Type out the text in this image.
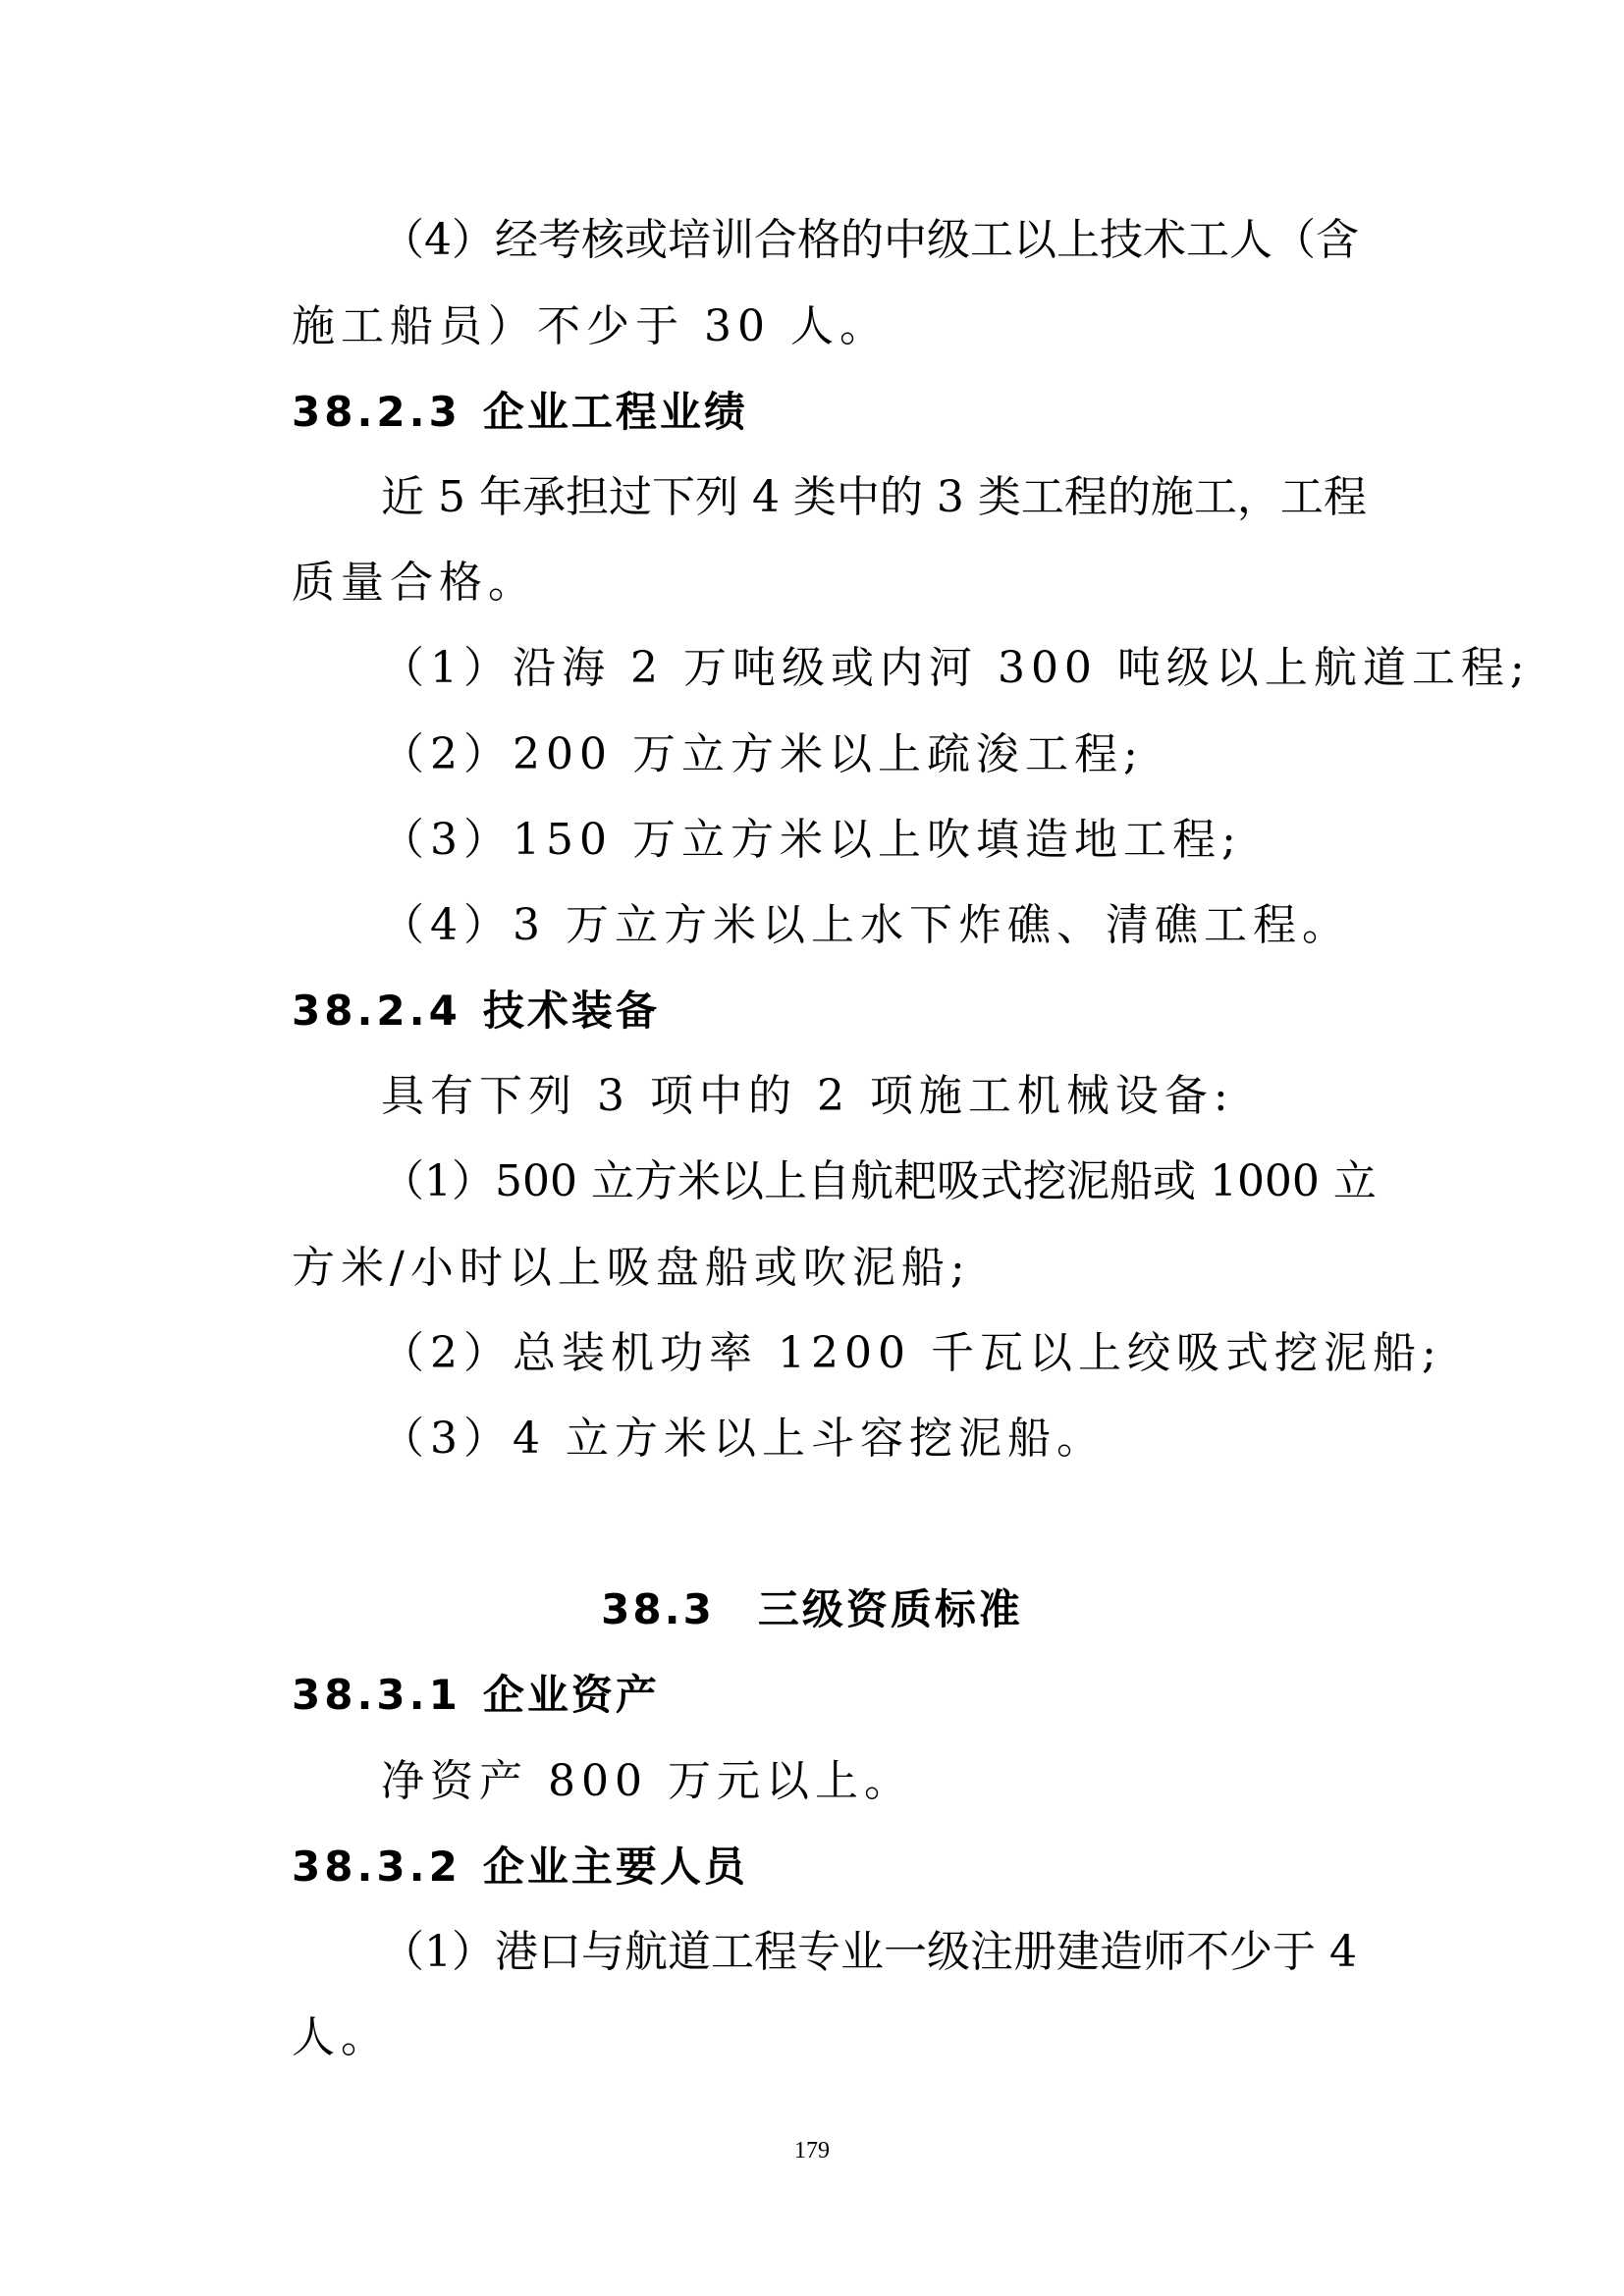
（4）经考核或培训合格的中级工以上技术工人（含
施工船员）不少于 30 人。
38.2.3 企业工程业绩
近 5 年承担过下列 4 类中的 3 类工程的施工，工程
质量合格。
（1）沿海 2 万吨级或内河 300 吨级以上航道工程;
（2）200 万立方米以上疏浚工程;
（3）150 万立方米以上吹填造地工程;
（4）3 万立方米以上水下炸礁、清礁工程。
38.2.4 技术装备
具有下列 3 项中的 2 项施工机械设备:
（1）500 立方米以上自航耙吸式挖泥船或 1000 立
方米/小时以上吸盘船或吹泥船;
（2）总装机功率 1200 千瓦以上绞吸式挖泥船;
（3）4 立方米以上斗容挖泥船。
38.3 三级资质标准
38.3.1 企业资产
净资产 800 万元以上。
38.3.2 企业主要人员
（1）港口与航道工程专业一级注册建造师不少于 4
人。
179
